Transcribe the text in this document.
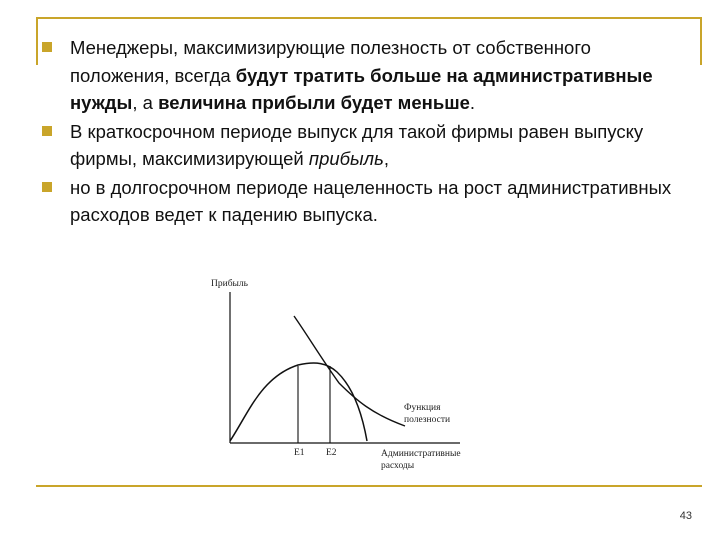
Менеджеры, максимизирующие полезность от собственного положения, всегда будут тратить больше на административные нужды, а величина прибыли будет меньше.
В краткосрочном периоде выпуск для такой фирмы равен выпуску фирмы, максимизирующей прибыль,
но в долгосрочном периоде нацеленность на рост административных расходов ведет к падению выпуска.
Прибыль
E1 E2
Функция
полезности
Административные
расходы
43
